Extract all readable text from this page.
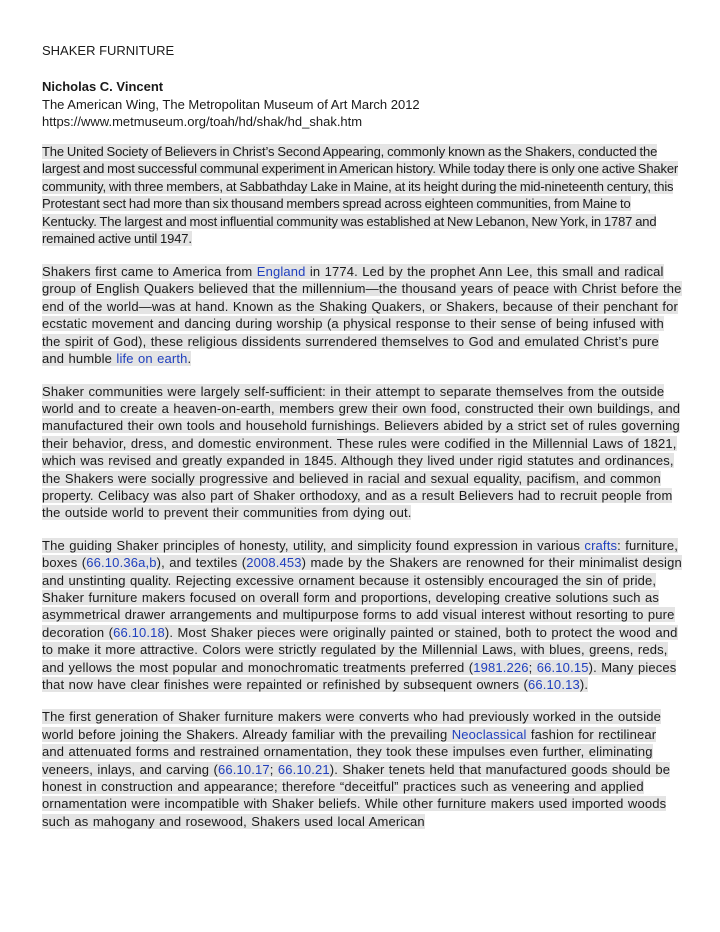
SHAKER FURNITURE
Nicholas C. Vincent
The American Wing, The Metropolitan Museum of Art March 2012
https://www.metmuseum.org/toah/hd/shak/hd_shak.htm

The United Society of Believers in Christ’s Second Appearing, commonly known as the Shakers, conducted the largest and most successful communal experiment in American history. While today there is only one active Shaker community, with three members, at Sabbathday Lake in Maine, at its height during the mid-nineteenth century, this Protestant sect had more than six thousand members spread across eighteen communities, from Maine to Kentucky. The largest and most influential community was established at New Lebanon, New York, in 1787 and remained active until 1947.

Shakers first came to America from England in 1774. Led by the prophet Ann Lee, this small and radical group of English Quakers believed that the millennium—the thousand years of peace with Christ before the end of the world—was at hand. Known as the Shaking Quakers, or Shakers, because of their penchant for ecstatic movement and dancing during worship (a physical response to their sense of being infused with the spirit of God), these religious dissidents surrendered themselves to God and emulated Christ’s pure and humble life on earth.

Shaker communities were largely self-sufficient: in their attempt to separate themselves from the outside world and to create a heaven-on-earth, members grew their own food, constructed their own buildings, and manufactured their own tools and household furnishings. Believers abided by a strict set of rules governing their behavior, dress, and domestic environment. These rules were codified in the Millennial Laws of 1821, which was revised and greatly expanded in 1845. Although they lived under rigid statutes and ordinances, the Shakers were socially progressive and believed in racial and sexual equality, pacifism, and common property. Celibacy was also part of Shaker orthodoxy, and as a result Believers had to recruit people from the outside world to prevent their communities from dying out.

The guiding Shaker principles of honesty, utility, and simplicity found expression in various crafts: furniture, boxes (66.10.36a,b), and textiles (2008.453) made by the Shakers are renowned for their minimalist design and unstinting quality. Rejecting excessive ornament because it ostensibly encouraged the sin of pride, Shaker furniture makers focused on overall form and proportions, developing creative solutions such as asymmetrical drawer arrangements and multipurpose forms to add visual interest without resorting to pure decoration (66.10.18). Most Shaker pieces were originally painted or stained, both to protect the wood and to make it more attractive. Colors were strictly regulated by the Millennial Laws, with blues, greens, reds, and yellows the most popular and monochromatic treatments preferred (1981.226; 66.10.15). Many pieces that now have clear finishes were repainted or refinished by subsequent owners (66.10.13).

The first generation of Shaker furniture makers were converts who had previously worked in the outside world before joining the Shakers. Already familiar with the prevailing Neoclassical fashion for rectilinear and attenuated forms and restrained ornamentation, they took these impulses even further, eliminating veneers, inlays, and carving (66.10.17; 66.10.21). Shaker tenets held that manufactured goods should be honest in construction and appearance; therefore “deceitful” practices such as veneering and applied ornamentation were incompatible with Shaker beliefs. While other furniture makers used imported woods such as mahogany and rosewood, Shakers used local American
